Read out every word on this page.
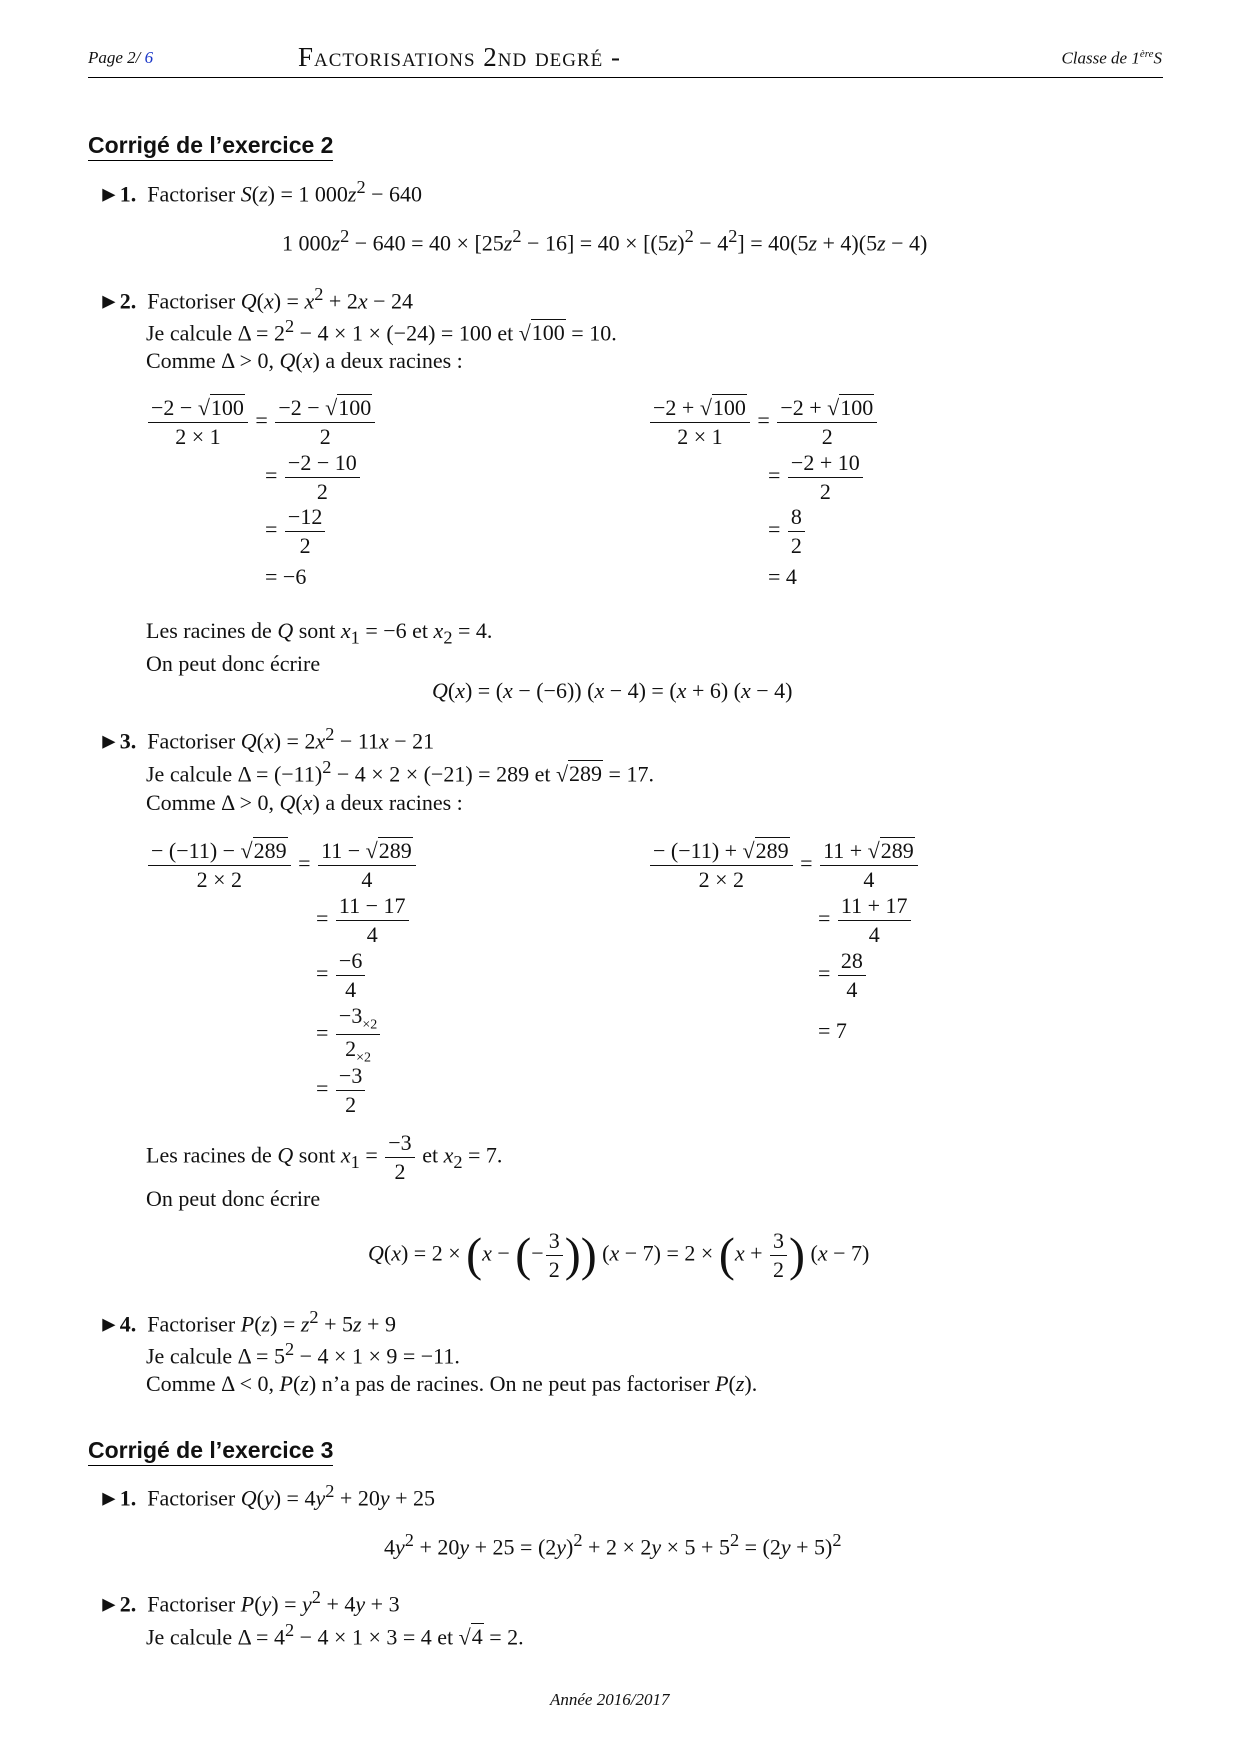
Page 2/ 6	Factorisations 2nd degré -	Classe de 1èreS
Corrigé de l’exercice 2
►1. Factoriser S(z) = 1 $000z^2 - 640$
1 $000z^2 - 640 = 40 \times [25z^2 - 16] = 40 \times [(5z)^2 - 4^2] = 40(5z + 4)(5z - 4)$
►2. Factoriser $Q(x) = x^2 + 2x - 24$
Je calcule $\Delta = 2^2 - 4 \times 1 \times (-24) = 100$ et √100 = 10.
Comme Δ > 0, Q(x) a deux racines :
$\frac{-2 - √100}{2 \times 1} = \frac{-2 - √100}{2}$
= $\frac{-2 - 10}{2}$
= $\frac{-12}{2}$
= −6
$\frac{-2 + √100}{2 \times 1} = \frac{-2 + √100}{2}$
= $\frac{-2 + 10}{2}$
= $\frac{8}{2}$
= 4
Les racines de Q sont $x_1 = -6$ et $x_2 = 4$.
On peut donc écrire
Q(x) = (x − (−6)) (x − 4) = (x + 6) (x − 4)
►3. Factoriser $Q(x) = 2x^2 - 11x - 21$
Je calcule $\Delta = (-11)^2 - 4 \times 2 \times (-21) = 289$ et √289 = 17.
Comme Δ > 0, Q(x) a deux racines :
$\frac{- (-11) - √289}{2 \times 2} = \frac{11 - √289}{4}$
= $\frac{11 - 17}{4}$
= $\frac{-6}{4}$
= $\frac{-3_{\times 2}}{2_{\times 2}}$
= $\frac{-3}{2}$
$\frac{- (-11) + √289}{2 \times 2} = \frac{11 + √289}{4}$
= $\frac{11 + 17}{4}$
= $\frac{28}{4}$
= 7
Les racines de Q sont $x_1 = \frac{-3}{2}$ et $x_2 = 7$.
On peut donc écrire
Q(x) = 2 × (x − (− $\frac{3}{2}$ )) $(x - 7) = 2 \times (x + \frac{3}{2}$ ) (x − 7)
►4. Factoriser $P(z) = z^2 + 5z + 9$
Je calcule $\Delta = 5^2 - 4 \times 1 \times 9 = -11$.
Comme Δ < 0, P(z) n’a pas de racines. On ne peut pas factoriser P(z).
Corrigé de l’exercice 3
►1. Factoriser $Q(y) = 4y^2 + 20y + 25$
$4y^2 + 20y + 25 = (2y)^2 + 2 \times 2y \times 5 + 5^2 = (2y + 5)^2$
►2. Factoriser $P(y) = y^2 + 4y + 3$
Je calcule $\Delta = 4^2 - 4 \times 1 \times 3 = 4$ et √4 = 2.
Année 2016/2017
